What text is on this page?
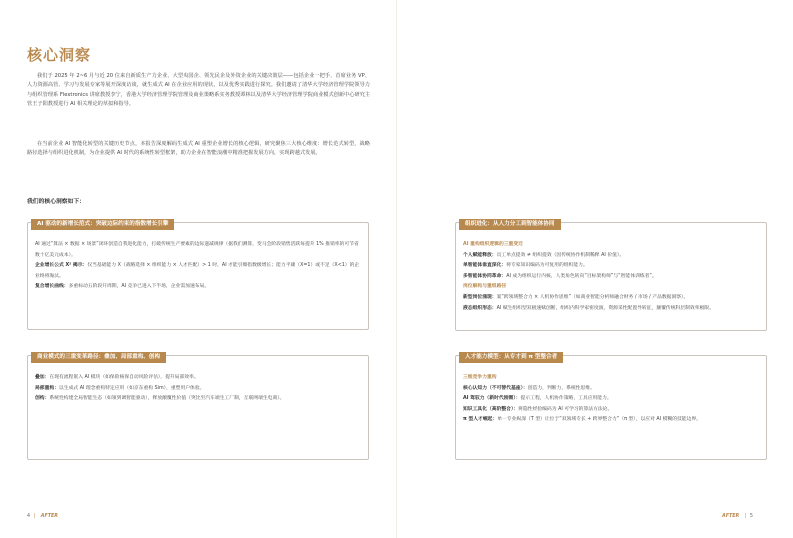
核心洞察
我们于 2025 年 2~6 月与近 20 位来自新质生产力企业、大型央国企、领先民企及外资企业的关键决策层——包括企业一把手、首席业务 VP、人力资源高管、学习与发展专家等展开深度访谈，就生成式 AI 在企业应用的现状，以及优秀实践进行探究。我们邀请了清华大学经济管理学院领导力与组织管理系 Flextronics 讲席教授李宁，香港大学经济管理学院管理及商业策略系实务教授谭林以及清华大学经济管理学院商业模式创新中心研究主管王子阳教授进行 AI 相关理论的草拟和指导。
在当前企业 AI 智能化转型的关键历史节点，本报告深度解码生成式 AI 重塑企业增长的核心逻辑，研究聚焦三大核心维度：增长范式转型，战略路径选择与组织进化机制，为企业提供 AI 时代的系统性转型框架，助力企业在智能浪潮中精准把握发展方向，实现跨越式发展。
我们的核心洞察如下：
AI 驱动的新增长范式：突破边际约束的指数增长引擎

AI 通过“算法 × 数据 × 场景”闭环创造自我进化能力，打破传统生产要素的边际递减规律（据我们测算，变马会阶段销售活跃每提升 1% 推销率的可节省数十亿美元成本）。

企业增长公式 X² 揭示：仅当基础能力 X（战略选择 × 组织能力 × 人才匹配）> 1 时，AI 才能引爆指数级增长；能力平庸（X=1）或不足（X<1）的企业终将淘汰。

复合增长曲线：多重标动五阶段开周期，AI 竞争已进入下半场，企业需加速布局。

商业模式的三重变革路径：叠加、局部重构、创构

叠加：在现有流程嵌入 AI 模块（如保险核保自动风险评估），提升局部效率。

局部重构：以生成式 AI 理念重构特定应用（如京东重构 Sim），重塑用户体验。

创构：系统性构建全局智能生态（如领到调智能驱动），释放颠覆性价值（突比至汽车端生工厂制，互联网端生电商）。

组织进化：从人力分工到智能体协同

AI 重构组织逻辑的三重变迁

个人赋能释放：员工单点提效 ≠ 组织提效（因传统协作机制稀释 AI 价值）。

单智能体垂直深化：将专家知识编码为可复用的组织能力。

多智能体协同革命：AI 成为组织运行内核，人类角色转向“目标架构师”与“智能体训练者”。

岗位解构与重组路径

新型岗位涌现：案“跨领域整合力 × 人机协作思维”（如商业智能分析师融合财务 / 市场 / 产品数据洞察）。

液态组织形态：AI 赋生组织型双极速赋创断，组织内科学家密度演，资源采性配置导转征，颠覆传统科层制效率极限。

人才能力模型：从专才到 π 型整合者

三维竞争力重构

核心认知力（不可替代基座）：创造力，判断力，系统性思维。

AI 驾驭力（新时代刚需）：提示工程，人机协作策略，工具应用能力。

知识工具化（高阶整合）：将隐性经验编码为 AI 可学习的算法方法论。

π 型人才崛起：单一专业纵深（T 型）让位于“双领域专长 + 跨界整合力”（π 型），以应对 AI 模糊的技能边界。

4 | AFTER	AFTER | 5
